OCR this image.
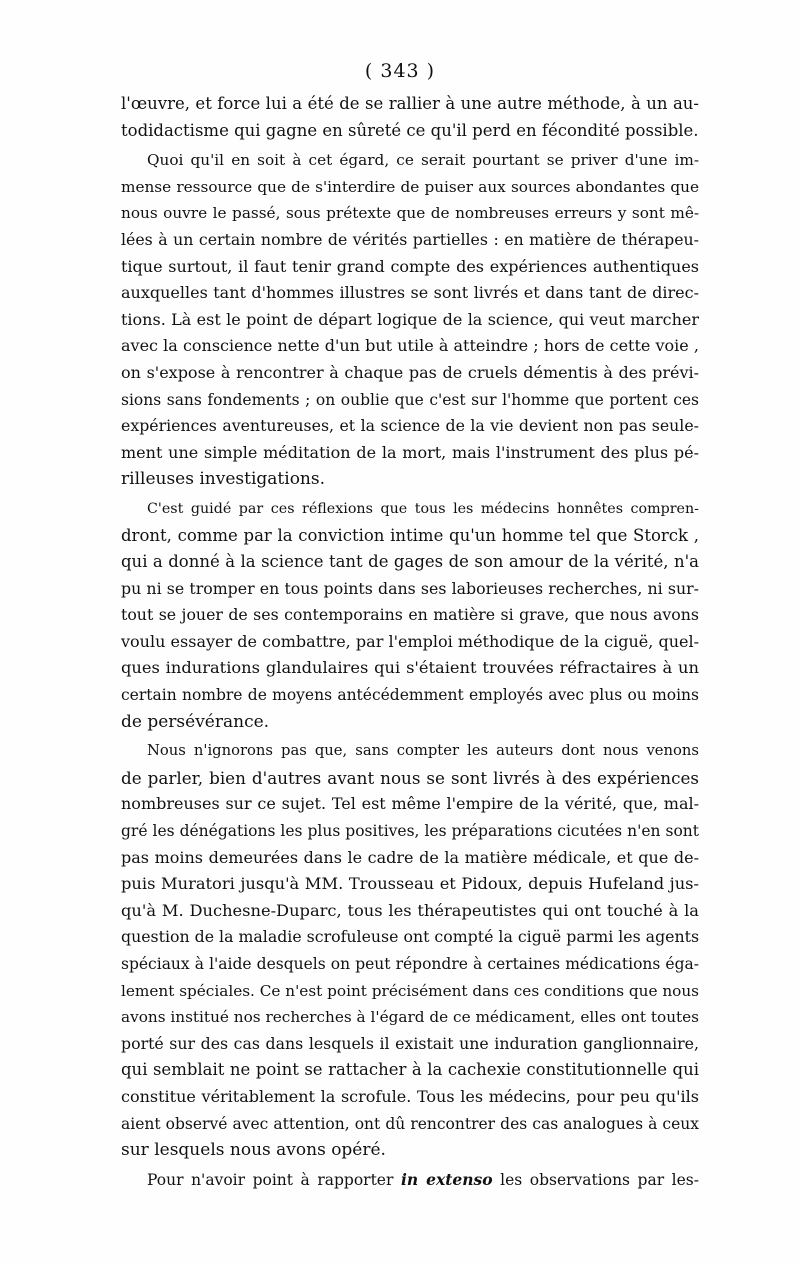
( 343 )
l'œuvre, et force lui a été de se rallier à une autre méthode, à un au-
todidactisme qui gagne en sûreté ce qu'il perd en fécondité possible.
Quoi qu'il en soit à cet égard, ce serait pourtant se priver d'une im-
mense ressource que de s'interdire de puiser aux sources abondantes que
nous ouvre le passé, sous prétexte que de nombreuses erreurs y sont mê-
lées à un certain nombre de vérités partielles : en matière de thérapeu-
tique surtout, il faut tenir grand compte des expériences authentiques
auxquelles tant d'hommes illustres se sont livrés et dans tant de direc-
tions. Là est le point de départ logique de la science, qui veut marcher
avec la conscience nette d'un but utile à atteindre ; hors de cette voie ,
on s'expose à rencontrer à chaque pas de cruels démentis à des prévi-
sions sans fondements ; on oublie que c'est sur l'homme que portent ces
expériences aventureuses, et la science de la vie devient non pas seule-
ment une simple méditation de la mort, mais l'instrument des plus pé-
rilleuses investigations.
C'est guidé par ces réflexions que tous les médecins honnêtes compren-
dront, comme par la conviction intime qu'un homme tel que Storck ,
qui a donné à la science tant de gages de son amour de la vérité, n'a
pu ni se tromper en tous points dans ses laborieuses recherches, ni sur-
tout se jouer de ses contemporains en matière si grave, que nous avons
voulu essayer de combattre, par l'emploi méthodique de la ciguë, quel-
ques indurations glandulaires qui s'étaient trouvées réfractaires à un
certain nombre de moyens antécédemment employés avec plus ou moins
de persévérance.
Nous n'ignorons pas que, sans compter les auteurs dont nous venons
de parler, bien d'autres avant nous se sont livrés à des expériences
nombreuses sur ce sujet. Tel est même l'empire de la vérité, que, mal-
gré les dénégations les plus positives, les préparations cicutées n'en sont
pas moins demeurées dans le cadre de la matière médicale, et que de-
puis Muratori jusqu'à MM. Trousseau et Pidoux, depuis Hufeland jus-
qu'à M. Duchesne-Duparc, tous les thérapeutistes qui ont touché à la
question de la maladie scrofuleuse ont compté la ciguë parmi les agents
spéciaux à l'aide desquels on peut répondre à certaines médications éga-
lement spéciales. Ce n'est point précisément dans ces conditions que nous
avons institué nos recherches à l'égard de ce médicament, elles ont toutes
porté sur des cas dans lesquels il existait une induration ganglionnaire,
qui semblait ne point se rattacher à la cachexie constitutionnelle qui
constitue véritablement la scrofule. Tous les médecins, pour peu qu'ils
aient observé avec attention, ont dû rencontrer des cas analogues à ceux
sur lesquels nous avons opéré.
Pour n'avoir point à rapporter in extenso les observations par les-
